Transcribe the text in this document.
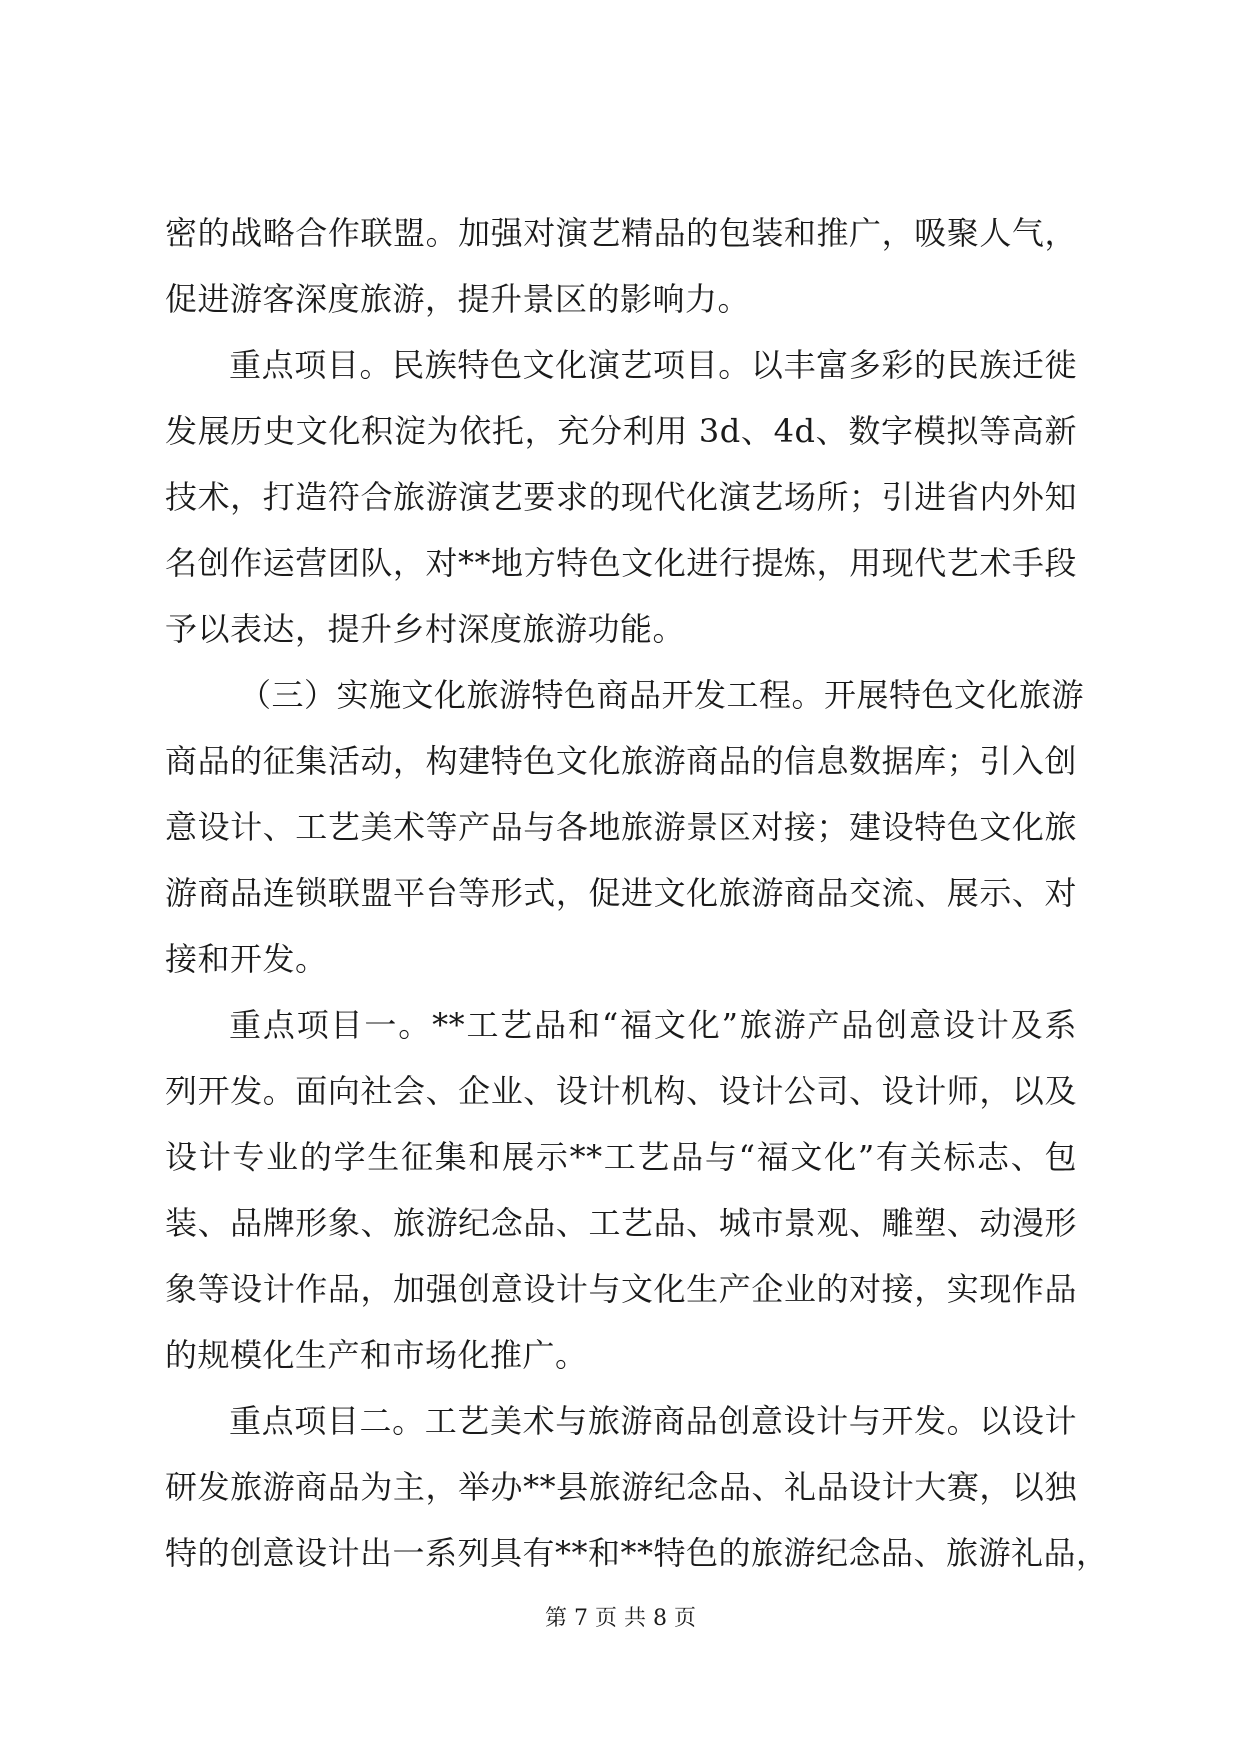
密的战略合作联盟。加强对演艺精品的包装和推广，吸聚人气，
促进游客深度旅游，提升景区的影响力。
重点项目。民族特色文化演艺项目。以丰富多彩的民族迁徙
发展历史文化积淀为依托，充分利用 3d、4d、数字模拟等高新
技术，打造符合旅游演艺要求的现代化演艺场所；引进省内外知
名创作运营团队，对**地方特色文化进行提炼，用现代艺术手段
予以表达，提升乡村深度旅游功能。
（三）实施文化旅游特色商品开发工程。开展特色文化旅游
商品的征集活动，构建特色文化旅游商品的信息数据库；引入创
意设计、工艺美术等产品与各地旅游景区对接；建设特色文化旅
游商品连锁联盟平台等形式，促进文化旅游商品交流、展示、对
接和开发。
重点项目一。**工艺品和“福文化”旅游产品创意设计及系
列开发。面向社会、企业、设计机构、设计公司、设计师，以及
设计专业的学生征集和展示**工艺品与“福文化”有关标志、包
装、品牌形象、旅游纪念品、工艺品、城市景观、雕塑、动漫形
象等设计作品，加强创意设计与文化生产企业的对接，实现作品
的规模化生产和市场化推广。
重点项目二。工艺美术与旅游商品创意设计与开发。以设计
研发旅游商品为主，举办**县旅游纪念品、礼品设计大赛，以独
特的创意设计出一系列具有**和**特色的旅游纪念品、旅游礼品，
第 7 页 共 8 页
